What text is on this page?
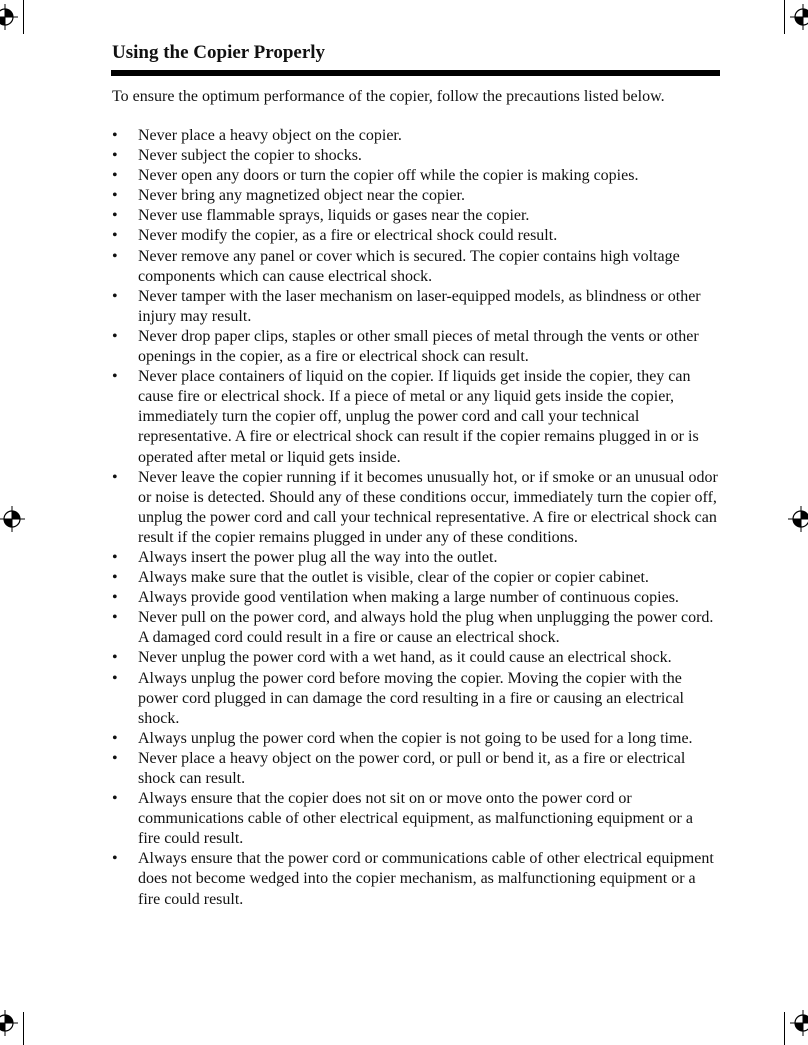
Using the Copier Properly

To ensure the optimum performance of the copier, follow the precautions listed below.

• Never place a heavy object on the copier.
• Never subject the copier to shocks.
• Never open any doors or turn the copier off while the copier is making copies.
• Never bring any magnetized object near the copier.
• Never use flammable sprays, liquids or gases near the copier.
• Never modify the copier, as a fire or electrical shock could result.
• Never remove any panel or cover which is secured. The copier contains high voltage components which can cause electrical shock.
• Never tamper with the laser mechanism on laser-equipped models, as blindness or other injury may result.
• Never drop paper clips, staples or other small pieces of metal through the vents or other openings in the copier, as a fire or electrical shock can result.
• Never place containers of liquid on the copier. If liquids get inside the copier, they can cause fire or electrical shock. If a piece of metal or any liquid gets inside the copier, immediately turn the copier off, unplug the power cord and call your technical representative. A fire or electrical shock can result if the copier remains plugged in or is operated after metal or liquid gets inside.
• Never leave the copier running if it becomes unusually hot, or if smoke or an unusual odor or noise is detected. Should any of these conditions occur, immediately turn the copier off, unplug the power cord and call your technical representative. A fire or electrical shock can result if the copier remains plugged in under any of these conditions.
• Always insert the power plug all the way into the outlet.
• Always make sure that the outlet is visible, clear of the copier or copier cabinet.
• Always provide good ventilation when making a large number of continuous copies.
• Never pull on the power cord, and always hold the plug when unplugging the power cord. A damaged cord could result in a fire or cause an electrical shock.
• Never unplug the power cord with a wet hand, as it could cause an electrical shock.
• Always unplug the power cord before moving the copier. Moving the copier with the power cord plugged in can damage the cord resulting in a fire or causing an electrical shock.
• Always unplug the power cord when the copier is not going to be used for a long time.
• Never place a heavy object on the power cord, or pull or bend it, as a fire or electrical shock can result.
• Always ensure that the copier does not sit on or move onto the power cord or communications cable of other electrical equipment, as malfunctioning equipment or a fire could result.
• Always ensure that the power cord or communications cable of other electrical equipment does not become wedged into the copier mechanism, as malfunctioning equipment or a fire could result.
